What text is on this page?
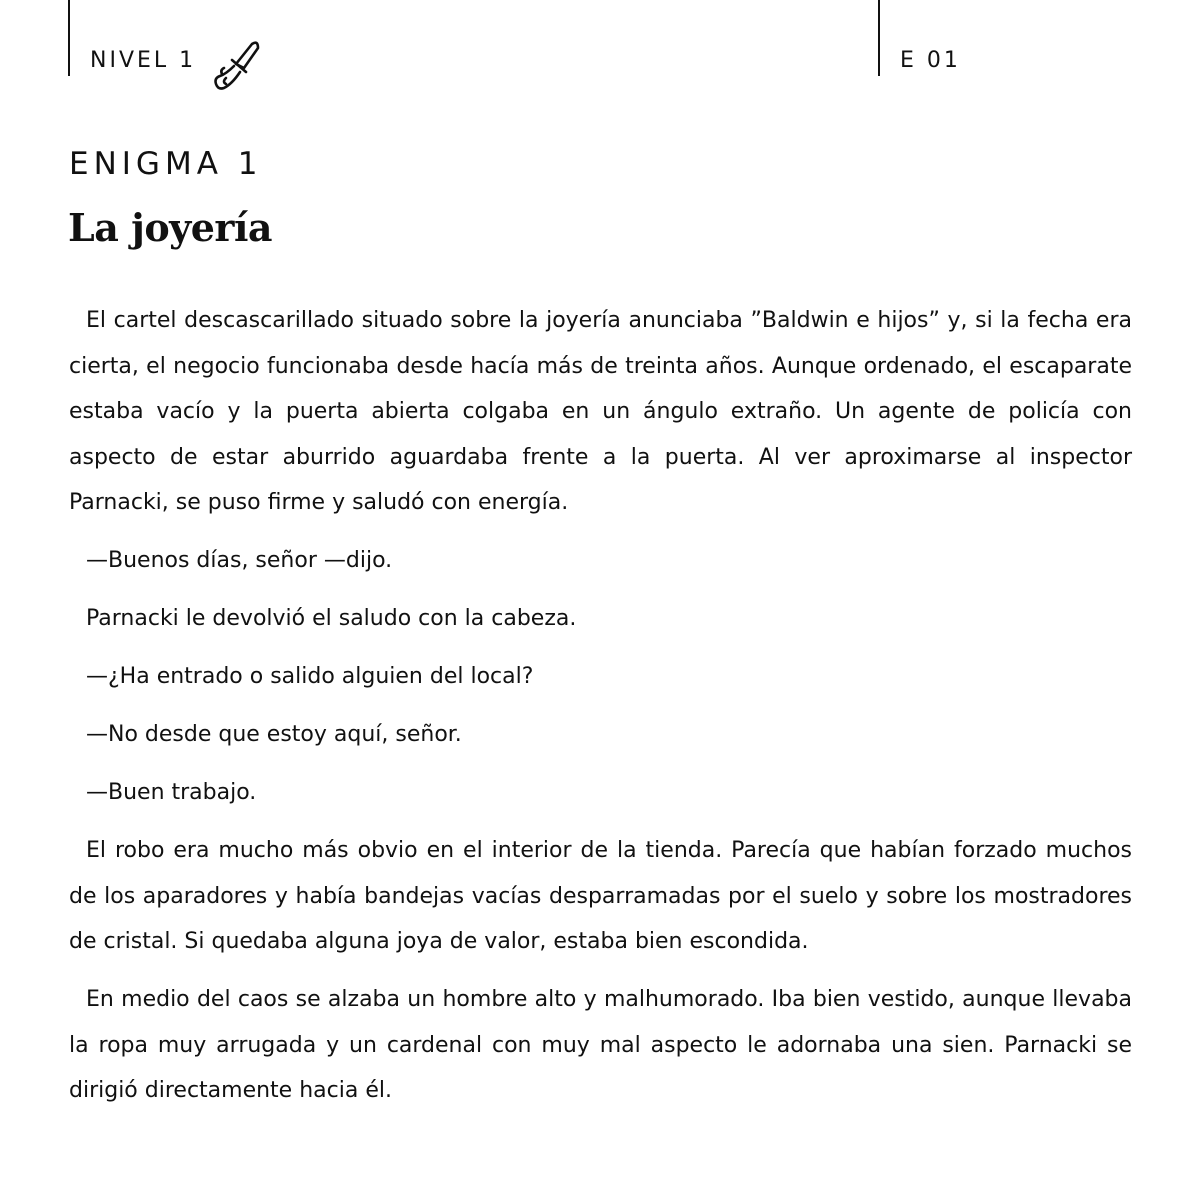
NIVEL 1	E 01
ENIGMA 1
La joyería

El cartel descascarillado situado sobre la joyería anunciaba ”Baldwin e hijos” y, si la fecha era cierta, el negocio funcionaba desde hacía más de treinta años. Aunque ordenado, el escaparate estaba vacío y la puerta abierta colgaba en un ángulo extraño. Un agente de policía con aspecto de estar aburrido aguardaba frente a la puerta. Al ver aproximarse al inspector Parnacki, se puso firme y saludó con energía.

—Buenos días, señor —dijo.

Parnacki le devolvió el saludo con la cabeza.

—¿Ha entrado o salido alguien del local?

—No desde que estoy aquí, señor.

—Buen trabajo.

El robo era mucho más obvio en el interior de la tienda. Parecía que habían forzado muchos de los aparadores y había bandejas vacías desparramadas por el suelo y sobre los mostradores de cristal. Si quedaba alguna joya de valor, estaba bien escondida.

En medio del caos se alzaba un hombre alto y malhumorado. Iba bien vestido, aunque llevaba la ropa muy arrugada y un cardenal con muy mal aspecto le adornaba una sien. Parnacki se dirigió directamente hacia él.
